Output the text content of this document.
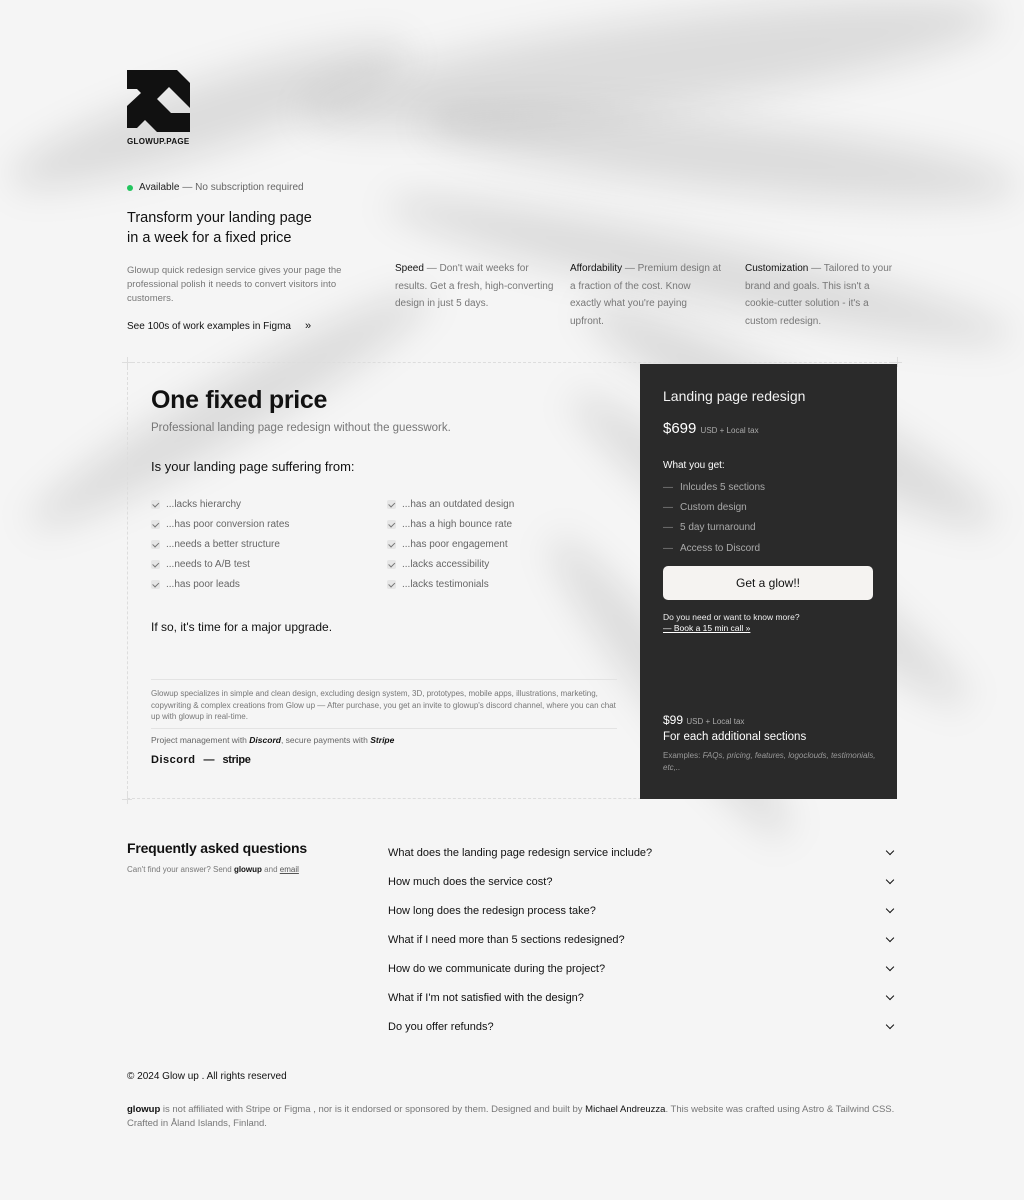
GLOWUP.PAGE
Available — No subscription required
Transform your landing page
in a week for a fixed price

Glowup quick redesign service gives your page the professional polish it needs to convert visitors into customers.

See 100s of work examples in Figma »
Speed — Don't wait weeks for results. Get a fresh, high-converting design in just 5 days.
Affordability — Premium design at a fraction of the cost. Know exactly what you're paying upfront.
Customization — Tailored to your brand and goals. This isn't a cookie-cutter solution - it's a custom redesign.
One fixed price

Professional landing page redesign without the guesswork.

Is your landing page suffering from:

...lacks hierarchy	...has an outdated design
...has poor conversion rates	...has a high bounce rate
...needs a better structure	...has poor engagement
...needs to A/B test	...lacks accessibility
...has poor leads	...lacks testimonials

If so, it's time for a major upgrade.

Glowup specializes in simple and clean design, excluding design system, 3D, prototypes, mobile apps, illustrations, marketing, copywriting & complex creations from Glow up — After purchase, you get an invite to glowup's discord channel, where you can chat up with glowup in real-time.

Project management with Discord, secure payments with Stripe

Discord — stripe
Landing page redesign
$699 USD + Local tax
What you get:
— Inlcudes 5 sections
— Custom design
— 5 day turnaround
— Access to Discord
Get a glow!!
Do you need or want to know more?
— Book a 15 min call »
$99 USD + Local tax
For each additional sections
Examples: FAQs, pricing, features, logoclouds, testimonials, etc,..
Frequently asked questions

Can't find your answer? Send glowup and email

What does the landing page redesign service include?
How much does the service cost?
How long does the redesign process take?
What if I need more than 5 sections redesigned?
How do we communicate during the project?
What if I'm not satisfied with the design?
Do you offer refunds?

© 2024 Glow up . All rights reserved

glowup is not affiliated with Stripe or Figma , nor is it endorsed or sponsored by them. Designed and built by Michael Andreuzza. This website was crafted using Astro & Tailwind CSS. Crafted in Åland Islands, Finland.
